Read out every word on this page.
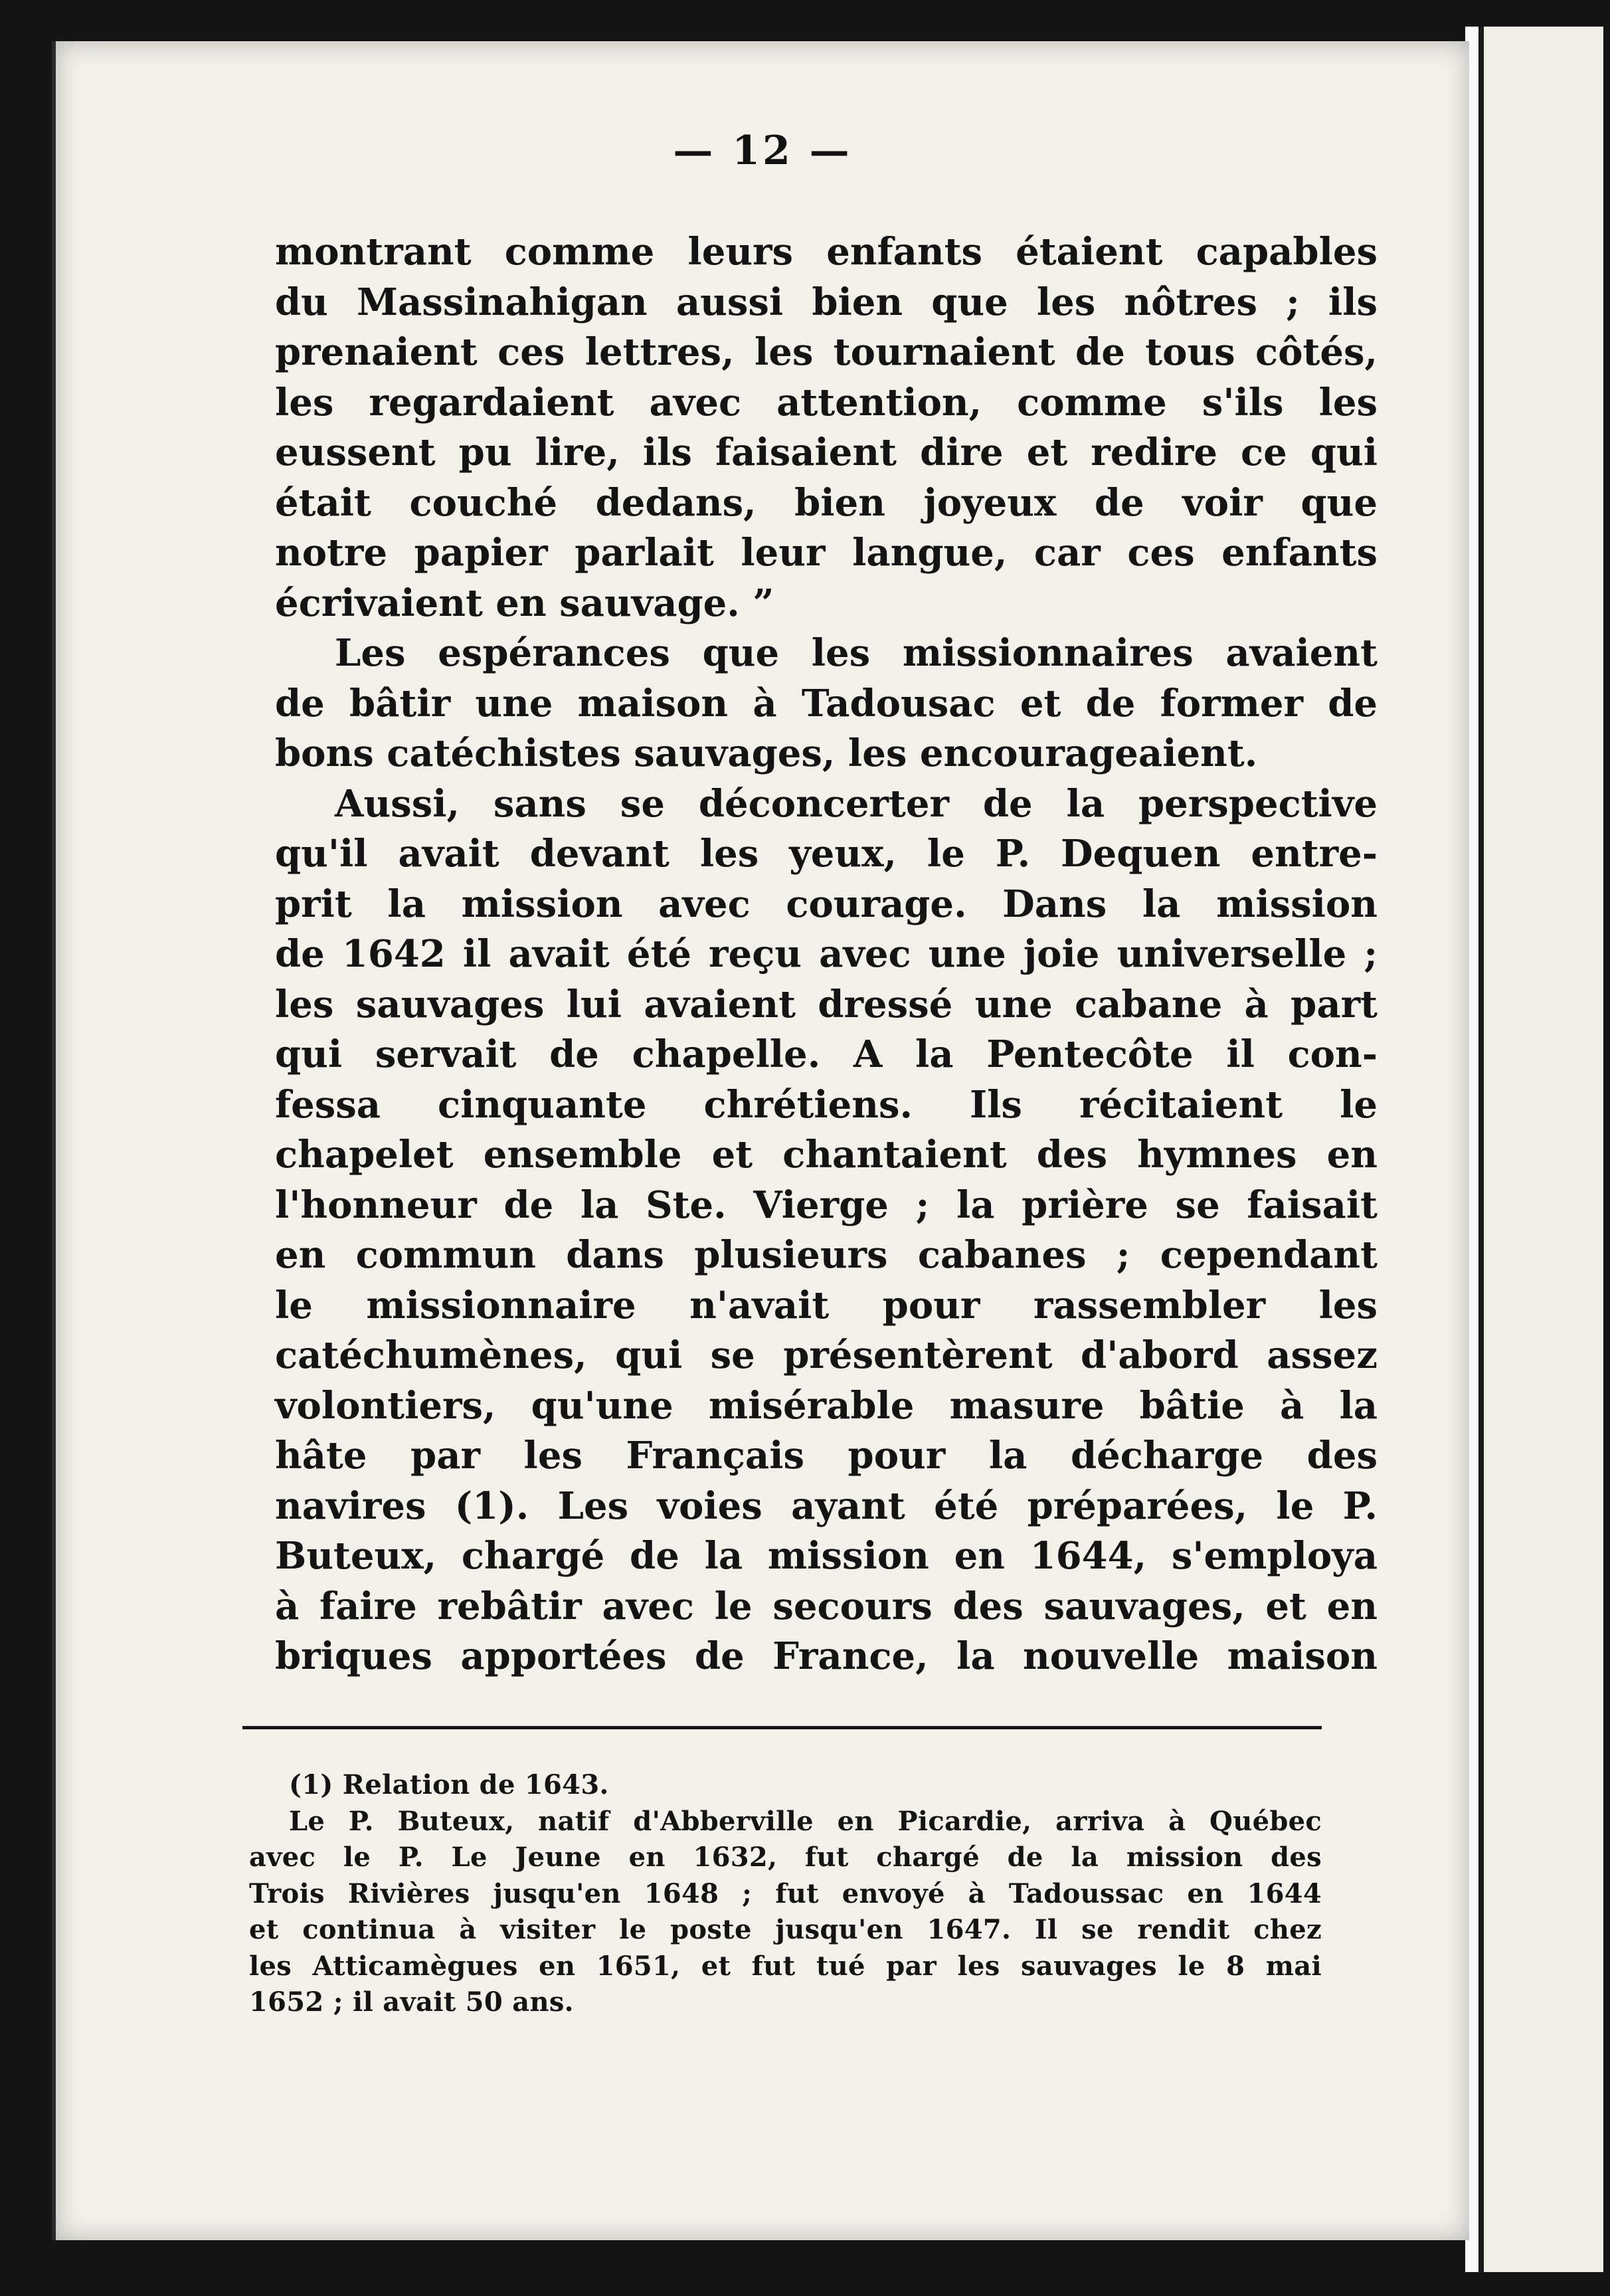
— 12 —
montrant comme leurs enfants étaient capables
du Massinahigan aussi bien que les nôtres ; ils
prenaient ces lettres, les tournaient de tous côtés,
les regardaient avec attention, comme s'ils les
eussent pu lire, ils faisaient dire et redire ce qui
était couché dedans, bien joyeux de voir que
notre papier parlait leur langue, car ces enfants
écrivaient en sauvage. ”
Les espérances que les missionnaires avaient
de bâtir une maison à Tadousac et de former de
bons catéchistes sauvages, les encourageaient.
Aussi, sans se déconcerter de la perspective
qu'il avait devant les yeux, le P. Dequen entre-
prit la mission avec courage. Dans la mission
de 1642 il avait été reçu avec une joie universelle ;
les sauvages lui avaient dressé une cabane à part
qui servait de chapelle. A la Pentecôte il con-
fessa cinquante chrétiens. Ils récitaient le
chapelet ensemble et chantaient des hymnes en
l'honneur de la Ste. Vierge ; la prière se faisait
en commun dans plusieurs cabanes ; cependant
le missionnaire n'avait pour rassembler les
catéchumènes, qui se présentèrent d'abord assez
volontiers, qu'une misérable masure bâtie à la
hâte par les Français pour la décharge des
navires (1). Les voies ayant été préparées, le P.
Buteux, chargé de la mission en 1644, s'employa
à faire rebâtir avec le secours des sauvages, et en
briques apportées de France, la nouvelle maison
(1) Relation de 1643.
Le P. Buteux, natif d'Abberville en Picardie, arriva à Québec
avec le P. Le Jeune en 1632, fut chargé de la mission des
Trois Rivières jusqu'en 1648 ; fut envoyé à Tadoussac en 1644
et continua à visiter le poste jusqu'en 1647. Il se rendit chez
les Atticamègues en 1651, et fut tué par les sauvages le 8 mai
1652 ; il avait 50 ans.
